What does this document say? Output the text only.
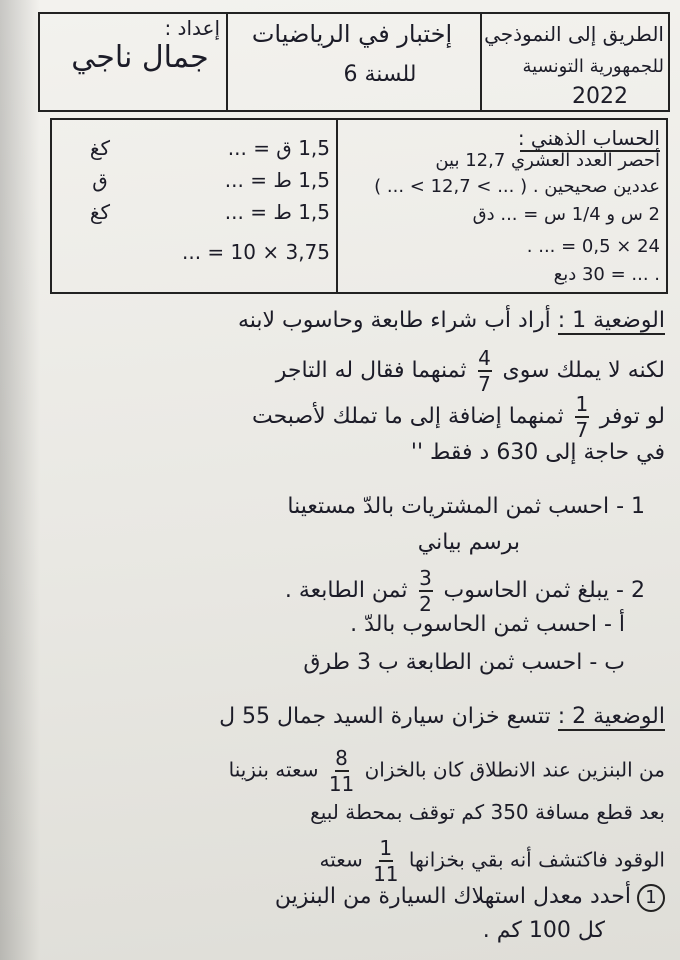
إعداد :
جمال ناجي
إختبار في الرياضيات
للسنة 6
الطريق إلى النموذجي
للجمهورية التونسية
2022
الحساب الذهني :
أحصر العدد العشري 12,7 بين
عددين صحيحين . ( ... > 12,7 > ... )
2 س و 1/4 س = ... دق
. ... = 0,5 × 24
. ... = 30 دبع
1,5 ق = ...
كغ
1,5 ط = ...
ق
1,5 ط = ...
كغ
... = 10 × 3,75
الوضعية 1 : أراد أب شراء طابعة وحاسوب لابنه
لكنه لا يملك سوى
$\frac{4}{7}$
ثمنهما فقال له التاجر
لو توفر
$\frac{1}{7}$
ثمنهما إضافة إلى ما تملك لأصبحت
في حاجة إلى 630 د فقط ''
1 - احسب ثمن المشتريات بالدّ مستعينا
برسم بياني
2 - يبلغ ثمن الحاسوب
$\frac{3}{2}$
ثمن الطابعة .
أ - احسب ثمن الحاسوب بالدّ .
ب - احسب ثمن الطابعة ب 3 طرق
الوضعية 2 : تتسع خزان سيارة السيد جمال 55 ل
من البنزين عند الانطلاق كان بالخزان
$\frac{8}{11}$
سعته بنزينا
بعد قطع مسافة 350 كم توقف بمحطة لبيع
الوقود فاكتشف أنه بقي بخزانها
$\frac{1}{11}$
سعته
1أحدد معدل استهلاك السيارة من البنزين
كل 100 كم .
